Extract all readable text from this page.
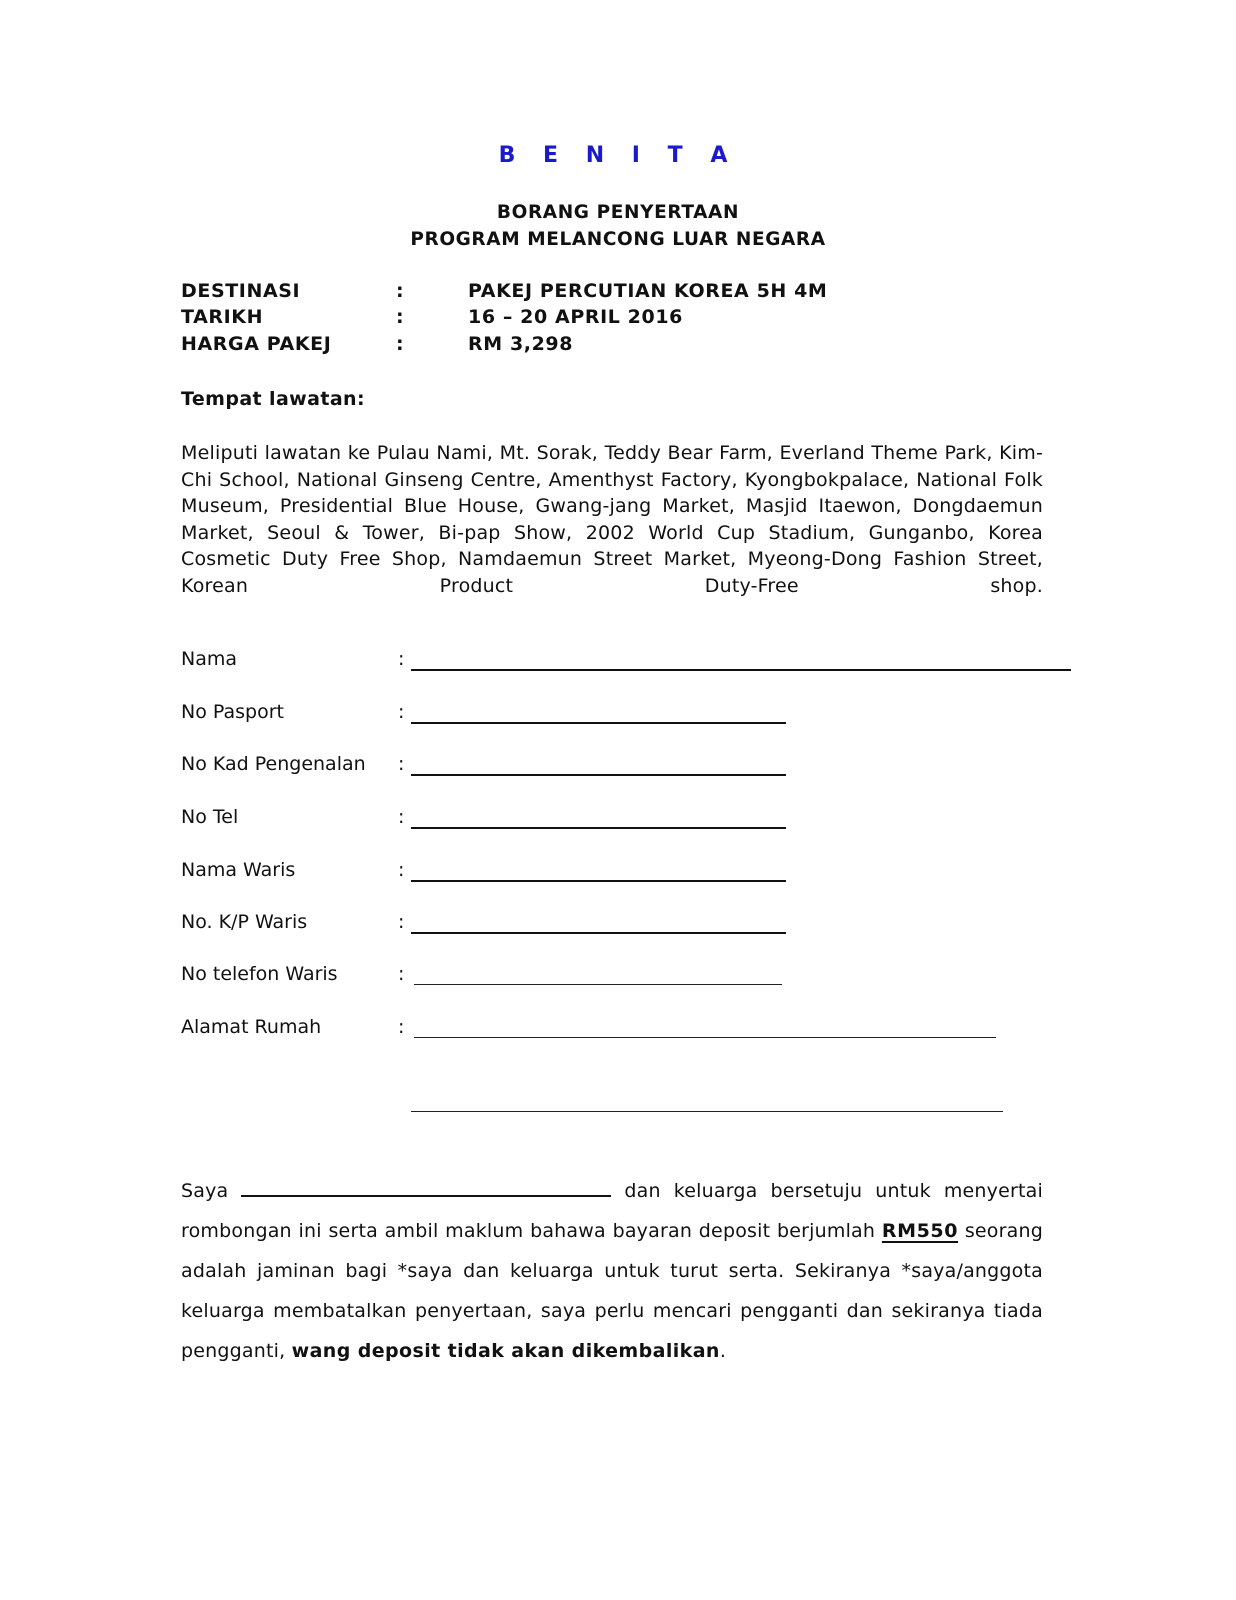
B E N I T A
BORANG PENYERTAAN
PROGRAM MELANCONG LUAR NEGARA
DESTINASI	:	PAKEJ PERCUTIAN KOREA 5H 4M
TARIKH	:	16 – 20 APRIL 2016
HARGA PAKEJ	:	RM 3,298
Tempat lawatan:
Meliputi lawatan ke Pulau Nami, Mt. Sorak, Teddy Bear Farm, Everland Theme Park, Kim-Chi School, National Ginseng Centre, Amenthyst Factory, Kyongbokpalace, National Folk Museum, Presidential Blue House, Gwang-jang Market, Masjid Itaewon, Dongdaemun Market, Seoul & Tower, Bi-pap Show, 2002 World Cup Stadium, Gunganbo, Korea Cosmetic Duty Free Shop, Namdaemun Street Market, Myeong-Dong Fashion Street, Korean Product Duty-Free shop.
Nama	:
No Pasport	:
No Kad Pengenalan :
No Tel	:
Nama Waris	:
No. K/P Waris	:
No telefon Waris	:
Alamat Rumah	:
Saya	dan keluarga bersetuju untuk menyertai rombongan ini serta ambil maklum bahawa bayaran deposit berjumlah RM550 seorang adalah jaminan bagi *saya dan keluarga untuk turut serta. Sekiranya *saya/anggota keluarga membatalkan penyertaan, saya perlu mencari pengganti dan sekiranya tiada pengganti, wang deposit tidak akan dikembalikan.
